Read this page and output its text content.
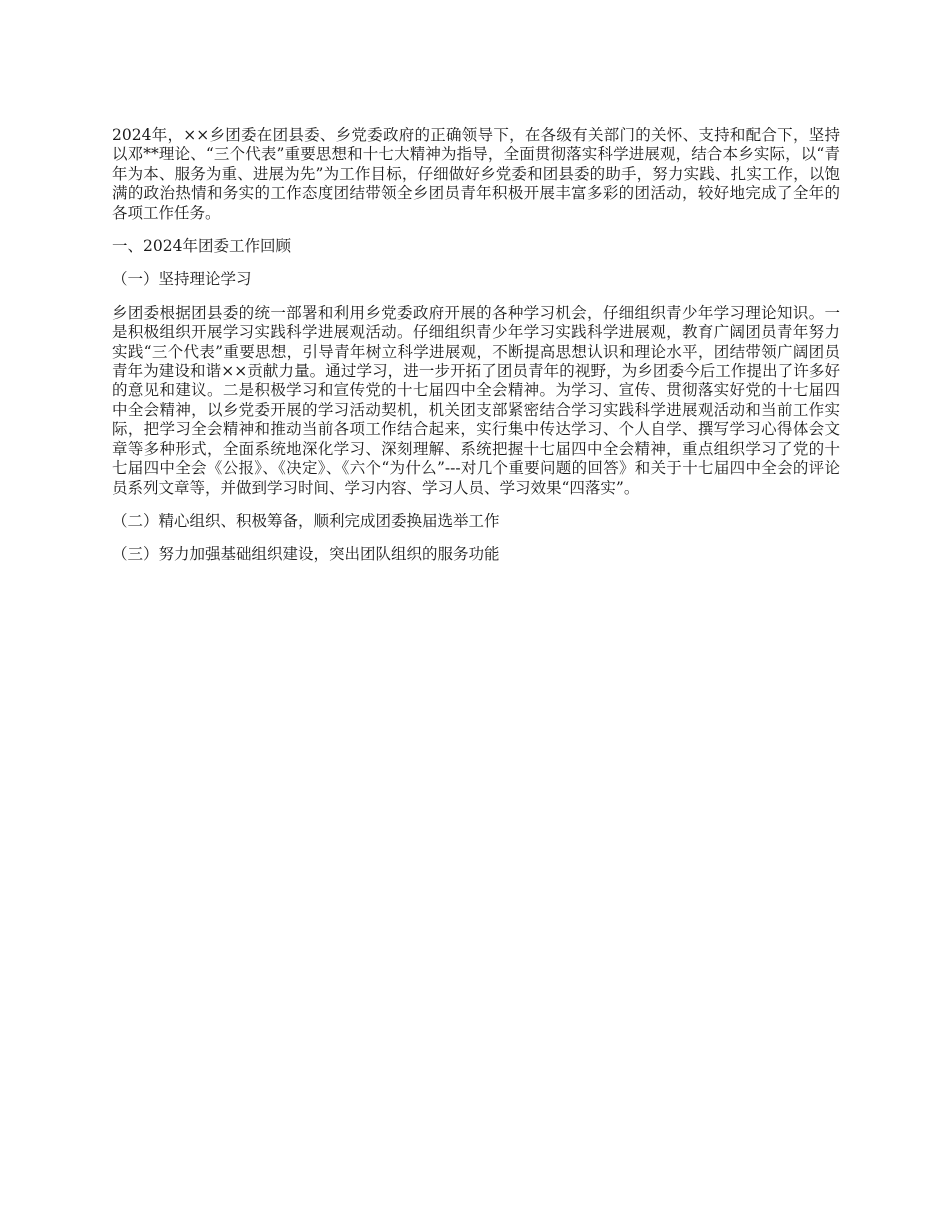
2024年，××乡团委在团县委、乡党委政府的正确领导下，在各级有关部门的关怀、支持和配合下，坚持以邓**理论、“三个代表”重要思想和十七大精神为指导，全面贯彻落实科学进展观，结合本乡实际，以“青年为本、服务为重、进展为先”为工作目标，仔细做好乡党委和团县委的助手，努力实践、扎实工作，以饱满的政治热情和务实的工作态度团结带领全乡团员青年积极开展丰富多彩的团活动，较好地完成了全年的各项工作任务。

一、2024年团委工作回顾

（一）坚持理论学习

乡团委根据团县委的统一部署和利用乡党委政府开展的各种学习机会，仔细组织青少年学习理论知识。一是积极组织开展学习实践科学进展观活动。仔细组织青少年学习实践科学进展观，教育广阔团员青年努力实践“三个代表”重要思想，引导青年树立科学进展观，不断提高思想认识和理论水平，团结带领广阔团员青年为建设和谐××贡献力量。通过学习，进一步开拓了团员青年的视野，为乡团委今后工作提出了许多好的意见和建议。二是积极学习和宣传党的十七届四中全会精神。为学习、宣传、贯彻落实好党的十七届四中全会精神，以乡党委开展的学习活动契机，机关团支部紧密结合学习实践科学进展观活动和当前工作实际，把学习全会精神和推动当前各项工作结合起来，实行集中传达学习、个人自学、撰写学习心得体会文章等多种形式，全面系统地深化学习、深刻理解、系统把握十七届四中全会精神，重点组织学习了党的十七届四中全会《公报》、《决定》、《六个“为什么”---对几个重要问题的回答》和关于十七届四中全会的评论员系列文章等，并做到学习时间、学习内容、学习人员、学习效果“四落实”。

（二）精心组织、积极筹备，顺利完成团委换届选举工作

（三）努力加强基础组织建设，突出团队组织的服务功能
